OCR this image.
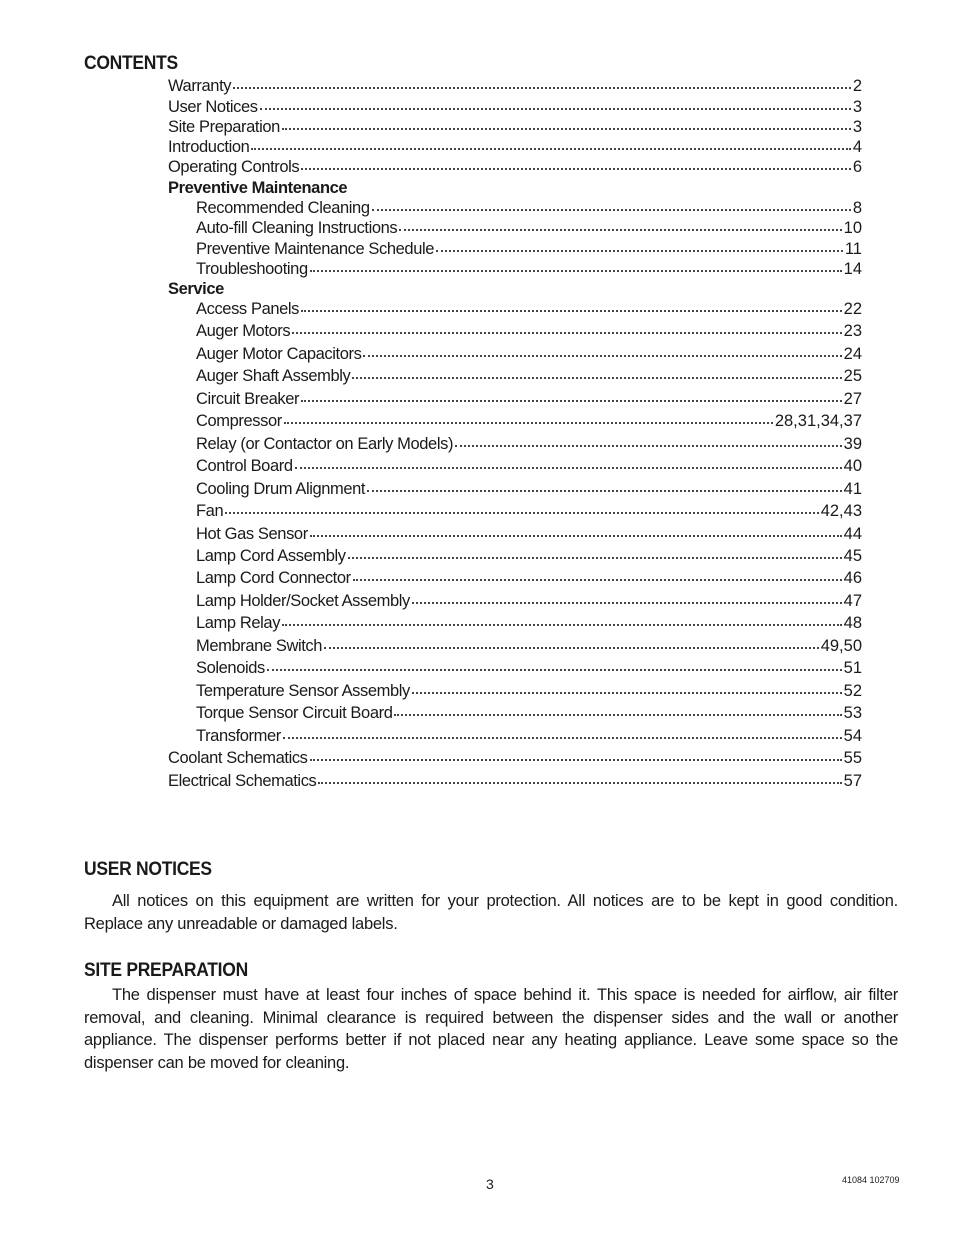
CONTENTS
Warranty	2
User Notices	3
Site Preparation	3
Introduction	4
Operating Controls	6
Preventive Maintenance
Recommended Cleaning	8
Auto-fill Cleaning Instructions	10
Preventive Maintenance Schedule	11
Troubleshooting	14
Service
Access Panels	22
Auger Motors	23
Auger Motor Capacitors	24
Auger Shaft Assembly	25
Circuit Breaker	27
Compressor	28,31,34,37
Relay (or Contactor on Early Models)	39
Control Board	40
Cooling Drum Alignment	41
Fan	42,43
Hot Gas Sensor	44
Lamp Cord Assembly	45
Lamp Cord Connector	46
Lamp Holder/Socket Assembly	47
Lamp Relay	48
Membrane Switch	49,50
Solenoids	51
Temperature Sensor Assembly	52
Torque Sensor Circuit Board	53
Transformer	54
Coolant Schematics	55
Electrical Schematics	57
USER NOTICES
All notices on this equipment are written for your protection. All notices are to be kept in good condition. Replace any unreadable or damaged labels.
SITE PREPARATION
The dispenser must have at least four inches of space behind it. This space is needed for airflow, air filter removal, and cleaning. Minimal clearance is required between the dispenser sides and the wall or another appliance. The dispenser performs better if not placed near any heating appliance. Leave some space so the dispenser can be moved for cleaning.
3	41084 102709
